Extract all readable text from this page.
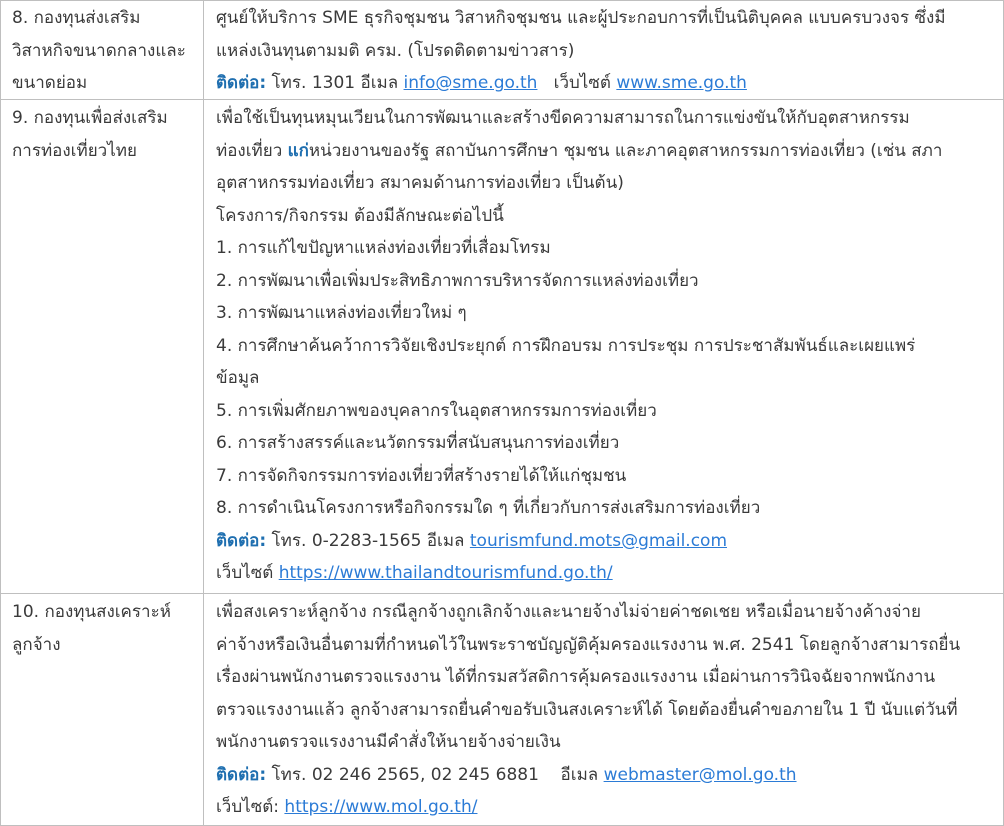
8. กองทุนส่งเสริม
วิสาหกิจขนาดกลางและ
ขนาดย่อม
ศูนย์ให้บริการ SME ธุรกิจชุมชน วิสาหกิจชุมชน และผู้ประกอบการที่เป็นนิติบุคคล แบบครบวงจร ซึ่งมี
แหล่งเงินทุนตามมติ ครม. (โปรดติดตามข่าวสาร)
ติดต่อ: โทร. 1301 อีเมล info@sme.go.th   เว็บไซต์ www.sme.go.th
9. กองทุนเพื่อส่งเสริม
การท่องเที่ยวไทย
เพื่อใช้เป็นทุนหมุนเวียนในการพัฒนาและสร้างขีดความสามารถในการแข่งขันให้กับอุตสาหกรรม
ท่องเที่ยว แก่หน่วยงานของรัฐ สถาบันการศึกษา ชุมชน และภาคอุตสาหกรรมการท่องเที่ยว (เช่น สภา
อุตสาหกรรมท่องเที่ยว สมาคมด้านการท่องเที่ยว เป็นต้น)
โครงการ/กิจกรรม ต้องมีลักษณะต่อไปนี้
1. การแก้ไขปัญหาแหล่งท่องเที่ยวที่เสื่อมโทรม
2. การพัฒนาเพื่อเพิ่มประสิทธิภาพการบริหารจัดการแหล่งท่องเที่ยว
3. การพัฒนาแหล่งท่องเที่ยวใหม่ ๆ
4. การศึกษาค้นคว้าการวิจัยเชิงประยุกต์ การฝึกอบรม การประชุม การประชาสัมพันธ์และเผยแพร่
ข้อมูล
5. การเพิ่มศักยภาพของบุคลากรในอุตสาหกรรมการท่องเที่ยว
6. การสร้างสรรค์และนวัตกรรมที่สนับสนุนการท่องเที่ยว
7. การจัดกิจกรรมการท่องเที่ยวที่สร้างรายได้ให้แก่ชุมชน
8. การดำเนินโครงการหรือกิจกรรมใด ๆ ที่เกี่ยวกับการส่งเสริมการท่องเที่ยว
ติดต่อ: โทร. 0-2283-1565 อีเมล tourismfund.mots@gmail.com
เว็บไซต์ https://www.thailandtourismfund.go.th/
10. กองทุนสงเคราะห์
ลูกจ้าง
เพื่อสงเคราะห์ลูกจ้าง กรณีลูกจ้างถูกเลิกจ้างและนายจ้างไม่จ่ายค่าชดเชย หรือเมื่อนายจ้างค้างจ่าย
ค่าจ้างหรือเงินอื่นตามที่กำหนดไว้ในพระราชบัญญัติคุ้มครองแรงงาน พ.ศ. 2541 โดยลูกจ้างสามารถยื่น
เรื่องผ่านพนักงานตรวจแรงงาน ได้ที่กรมสวัสดิการคุ้มครองแรงงาน เมื่อผ่านการวินิจฉัยจากพนักงาน
ตรวจแรงงานแล้ว ลูกจ้างสามารถยื่นคำขอรับเงินสงเคราะห์ได้ โดยต้องยื่นคำขอภายใน 1 ปี นับแต่วันที่
พนักงานตรวจแรงงานมีคำสั่งให้นายจ้างจ่ายเงิน
ติดต่อ: โทร. 02 246 2565, 02 245 6881    อีเมล webmaster@mol.go.th
เว็บไซต์: https://www.mol.go.th/
